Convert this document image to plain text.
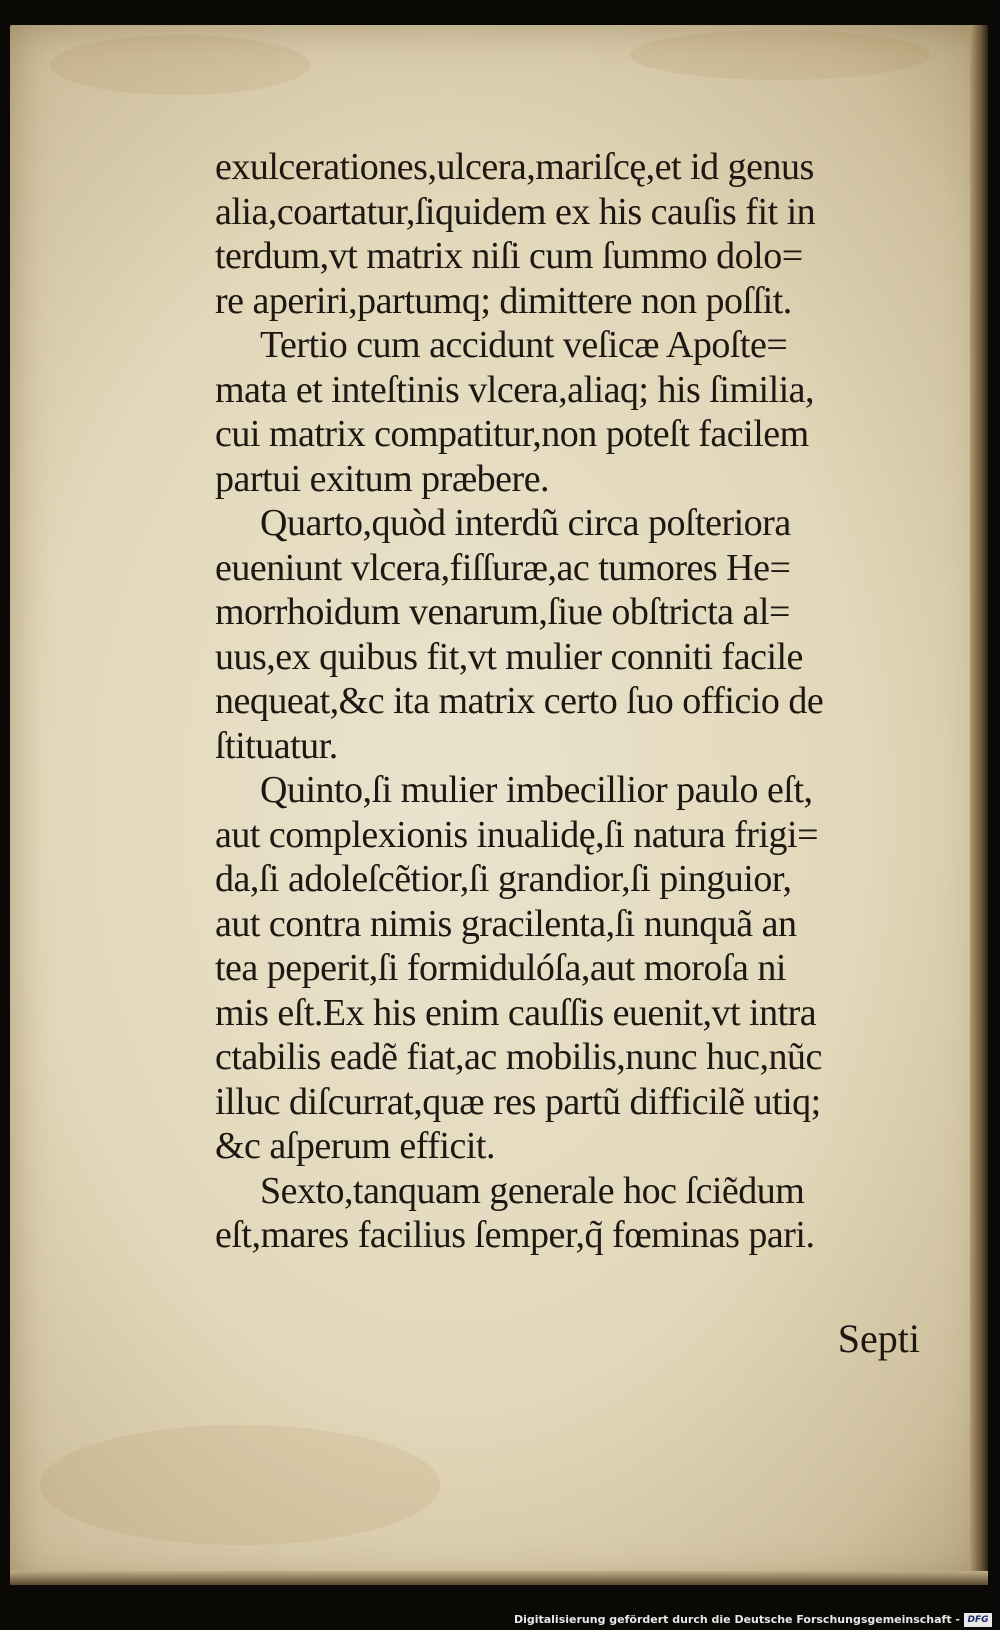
exulcerationes,ulcera,mariſcę,et id genus
alia,coartatur,ſiquidem ex his cauſis fit in
terdum,vt matrix niſi cum ſummo dolo=
re aperiri,partumq; dimittere non poſſit.
Tertio cum accidunt veſicæ Apoſte=
mata et inteſtinis vlcera,aliaq; his ſimilia,
cui matrix compatitur,non poteſt facilem
partui exitum præbere.
Quarto,quòd interdũ circa poſteriora
eueniunt vlcera,fiſſuræ,ac tumores He=
morrhoidum venarum,ſiue obſtricta al=
uus,ex quibus fit,vt mulier conniti facile
nequeat,&c ita matrix certo ſuo officio de
ſtituatur.
Quinto,ſi mulier imbecillior paulo eſt,
aut complexionis inualidę,ſi natura frigi=
da,ſi adoleſcẽtior,ſi grandior,ſi pinguior,
aut contra nimis gracilenta,ſi nunquã an
tea peperit,ſi formidulóſa,aut moroſa ni
mis eſt.Ex his enim cauſſis euenit,vt intra
ctabilis eadẽ fiat,ac mobilis,nunc huc,nũc
illuc diſcurrat,quæ res partũ difficilẽ utiq;
&c aſperum efficit.
Sexto,tanquam generale hoc ſciẽdum
eſt,mares facilius ſemper,q̃ fœminas pari.
Septi
Digitalisierung gefördert durch die Deutsche Forschungsgemeinschaft - DFG
